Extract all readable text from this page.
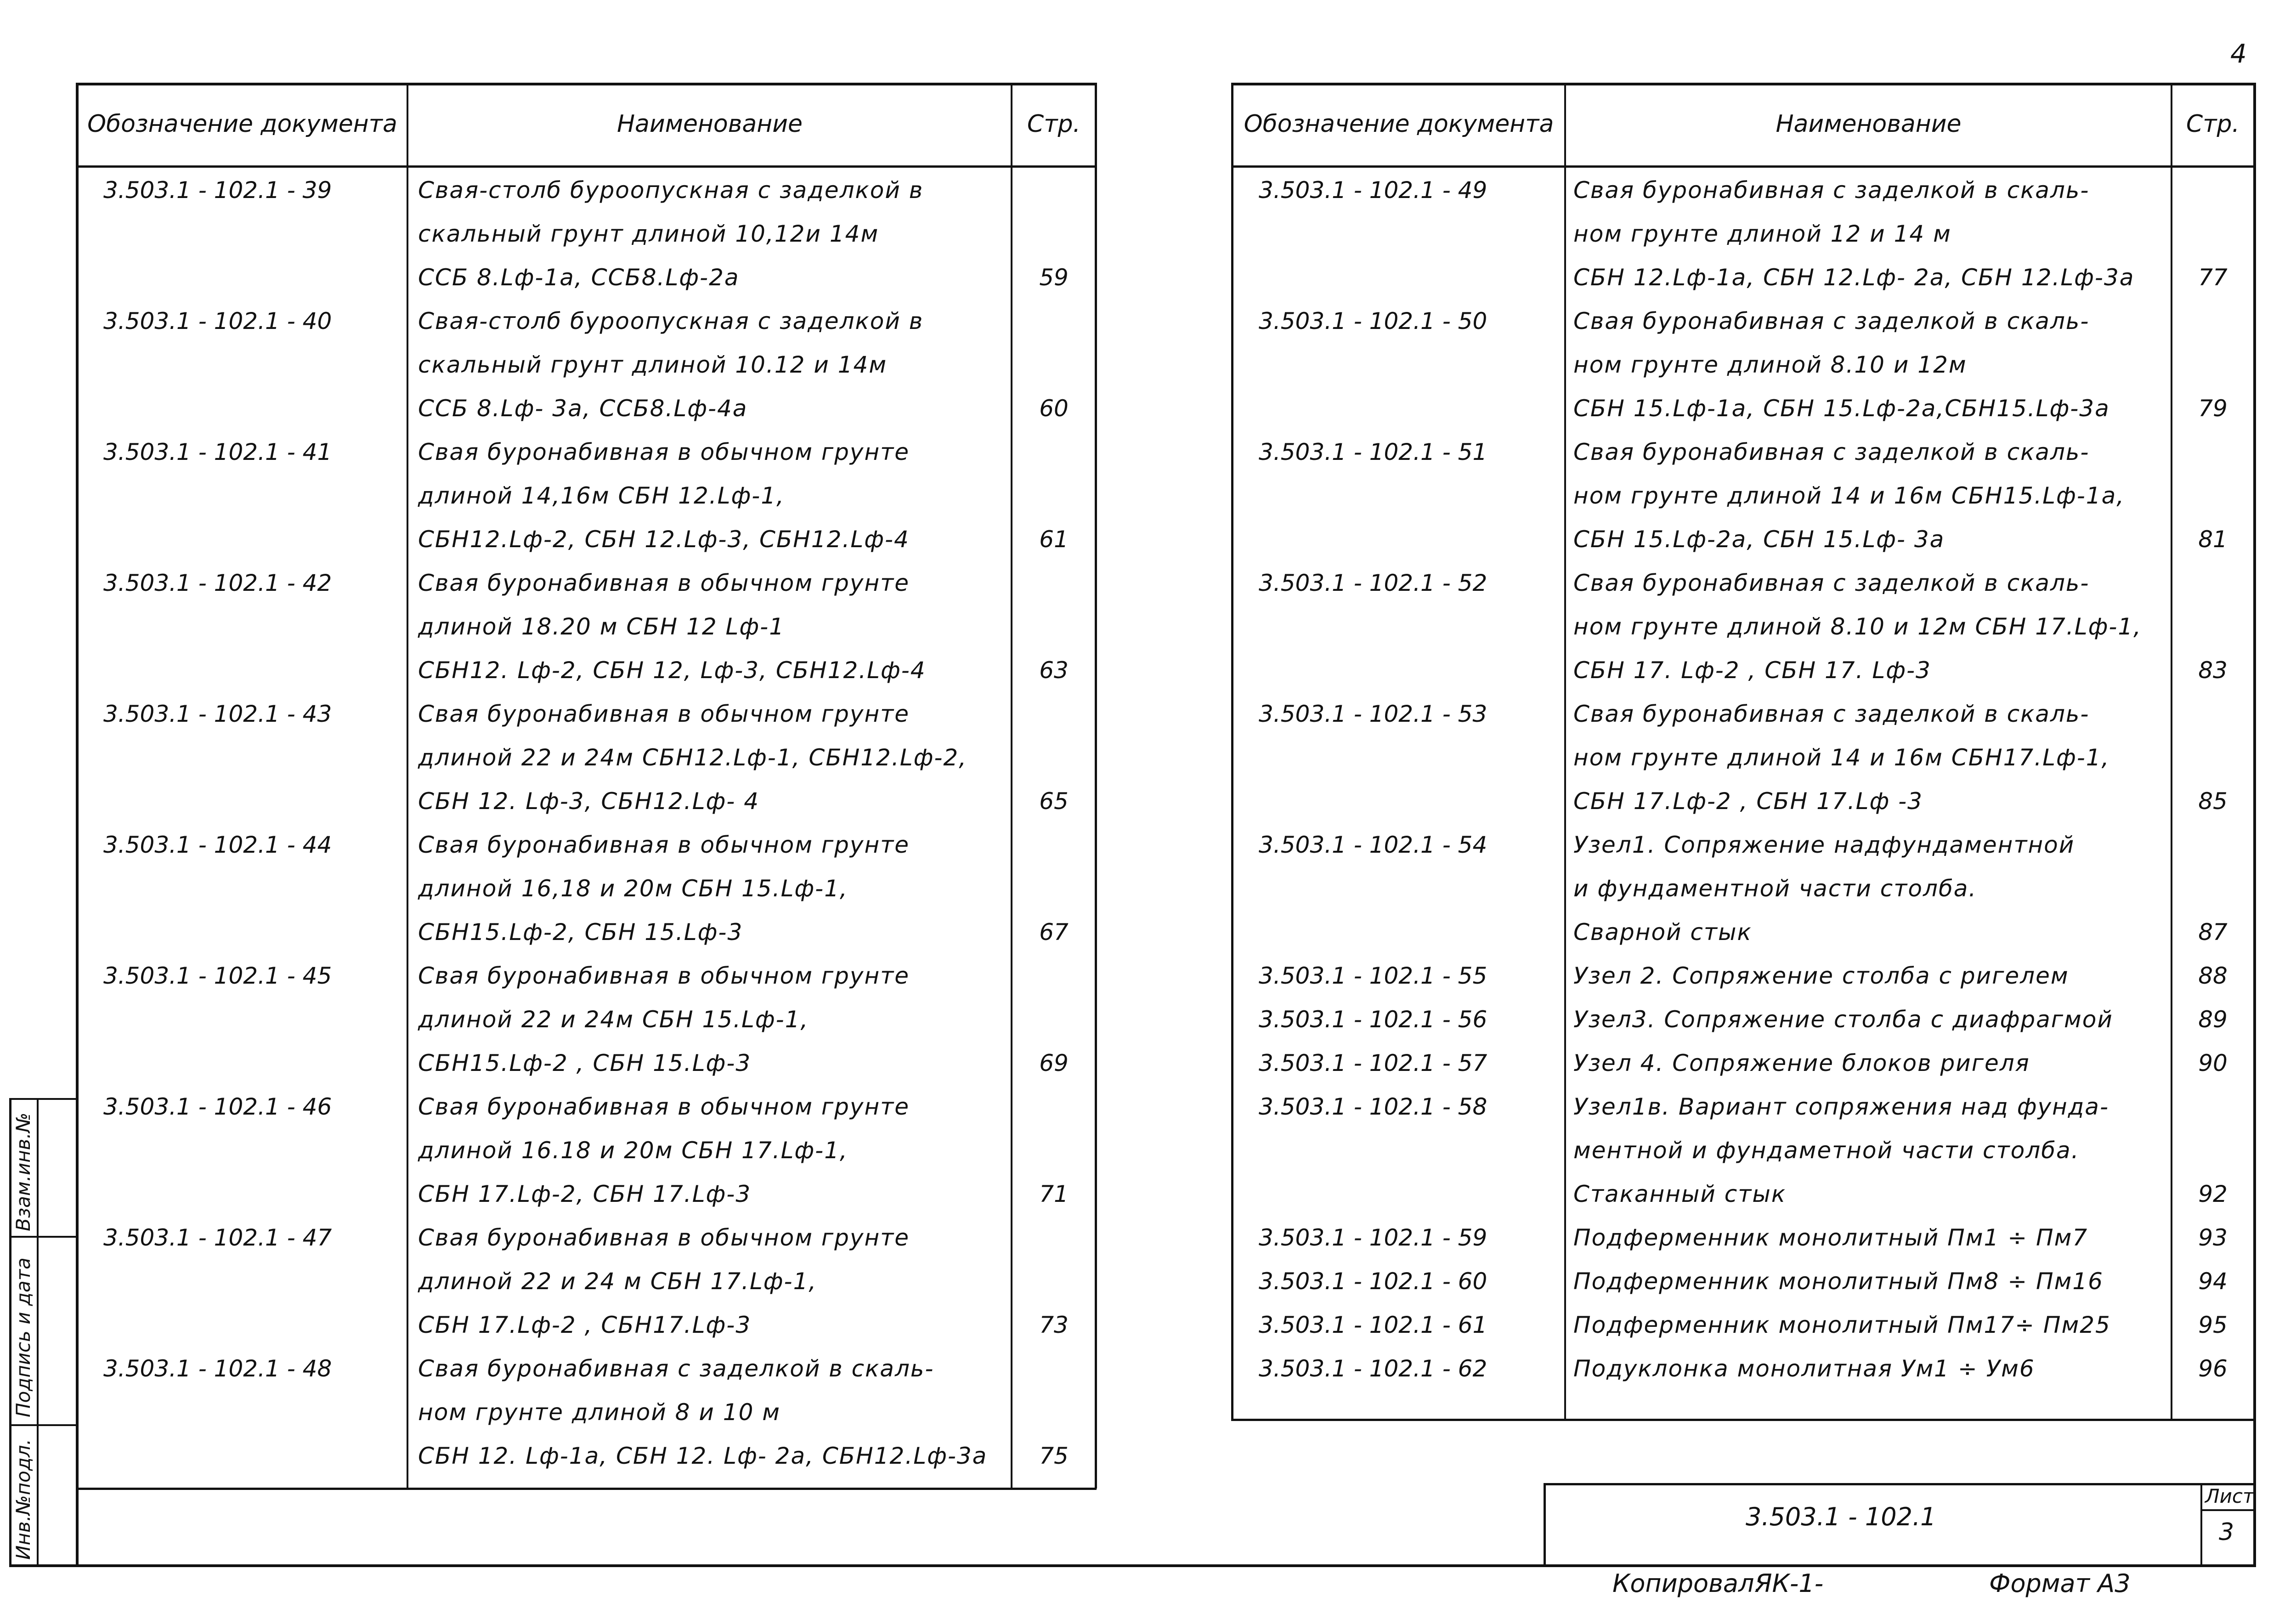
4
Инв.№подл.
Подпись и дата
Взам.инв.№
Обозначение документа	Наименование	Стр.	Обозначение документа	Наименование	Стр.
3.503.1 - 102.1 - 39	Свая-столб буроопускная с заделкой в
скальный грунт длиной 10,12и 14м
ССБ 8.Lф-1а, ССБ8.Lф-2а	59
3.503.1 - 102.1 - 40	Свая-столб буроопускная с заделкой в
скальный грунт длиной 10.12 и 14м
ССБ 8.Lф- 3а, ССБ8.Lф-4а	60
3.503.1 - 102.1 - 41	Свая буронабивная в обычном грунте
длиной 14,16м СБН 12.Lф-1,
СБН12.Lф-2, СБН 12.Lф-3, СБН12.Lф-4	61
3.503.1 - 102.1 - 42	Свая буронабивная в обычном грунте
длиной 18.20 м СБН 12 Lф-1
СБН12. Lф-2, СБН 12, Lф-3, СБН12.Lф-4	63
3.503.1 - 102.1 - 43	Свая буронабивная в обычном грунте
длиной 22 и 24м СБН12.Lф-1, СБН12.Lф-2,
СБН 12. Lф-3, СБН12.Lф- 4	65
3.503.1 - 102.1 - 44	Свая буронабивная в обычном грунте
длиной 16,18 и 20м СБН 15.Lф-1,
СБН15.Lф-2, СБН 15.Lф-3	67
3.503.1 - 102.1 - 45	Свая буронабивная в обычном грунте
длиной 22 и 24м СБН 15.Lф-1,
СБН15.Lф-2 , СБН 15.Lф-3	69
3.503.1 - 102.1 - 46	Свая буронабивная в обычном грунте
длиной 16.18 и 20м СБН 17.Lф-1,
СБН 17.Lф-2, СБН 17.Lф-3	71
3.503.1 - 102.1 - 47	Свая буронабивная в обычном грунте
длиной 22 и 24 м СБН 17.Lф-1,
СБН 17.Lф-2 , СБН17.Lф-3	73
3.503.1 - 102.1 - 48	Свая буронабивная с заделкой в скаль-
ном грунте длиной 8 и 10 м
СБН 12. Lф-1а, СБН 12. Lф- 2а, СБН12.Lф-3а	75
3.503.1 - 102.1 - 49	Свая буронабивная с заделкой в скаль-
ном грунте длиной 12 и 14 м
СБН 12.Lф-1а, СБН 12.Lф- 2а, СБН 12.Lф-3а	77
3.503.1 - 102.1 - 50	Свая буронабивная с заделкой в скаль-
ном грунте длиной 8.10 и 12м
СБН 15.Lф-1а, СБН 15.Lф-2а,СБН15.Lф-3а	79
3.503.1 - 102.1 - 51	Свая буронабивная с заделкой в скаль-
ном грунте длиной 14 и 16м СБН15.Lф-1а,
СБН 15.Lф-2а, СБН 15.Lф- 3а	81
3.503.1 - 102.1 - 52	Свая буронабивная с заделкой в скаль-
ном грунте длиной 8.10 и 12м СБН 17.Lф-1,
СБН 17. Lф-2 , СБН 17. Lф-3	83
3.503.1 - 102.1 - 53	Свая буронабивная с заделкой в скаль-
ном грунте длиной 14 и 16м СБН17.Lф-1,
СБН 17.Lф-2 , СБН 17.Lф -3	85
3.503.1 - 102.1 - 54	Узел1. Сопряжение надфундаментной
и фундаментной части столба.
Сварной стык	87
3.503.1 - 102.1 - 55	Узел 2. Сопряжение столба с ригелем	88
3.503.1 - 102.1 - 56	Узел3. Сопряжение столба с диафрагмой	89
3.503.1 - 102.1 - 57	Узел 4. Сопряжение блоков ригеля	90
3.503.1 - 102.1 - 58	Узел1в. Вариант сопряжения над фунда-
ментной и фундаметной части столба.
Стаканный стык	92
3.503.1 - 102.1 - 59	Подферменник монолитный Пм1 ÷ Пм7	93
3.503.1 - 102.1 - 60	Подферменник монолитный Пм8 ÷ Пм16	94
3.503.1 - 102.1 - 61	Подферменник монолитный Пм17÷ Пм25	95
3.503.1 - 102.1 - 62	Подуклонка монолитная Ум1 ÷ Ум6	96
3.503.1 - 102.1
Лист
3
Копировал:
ЯК-1-	Формат А3
